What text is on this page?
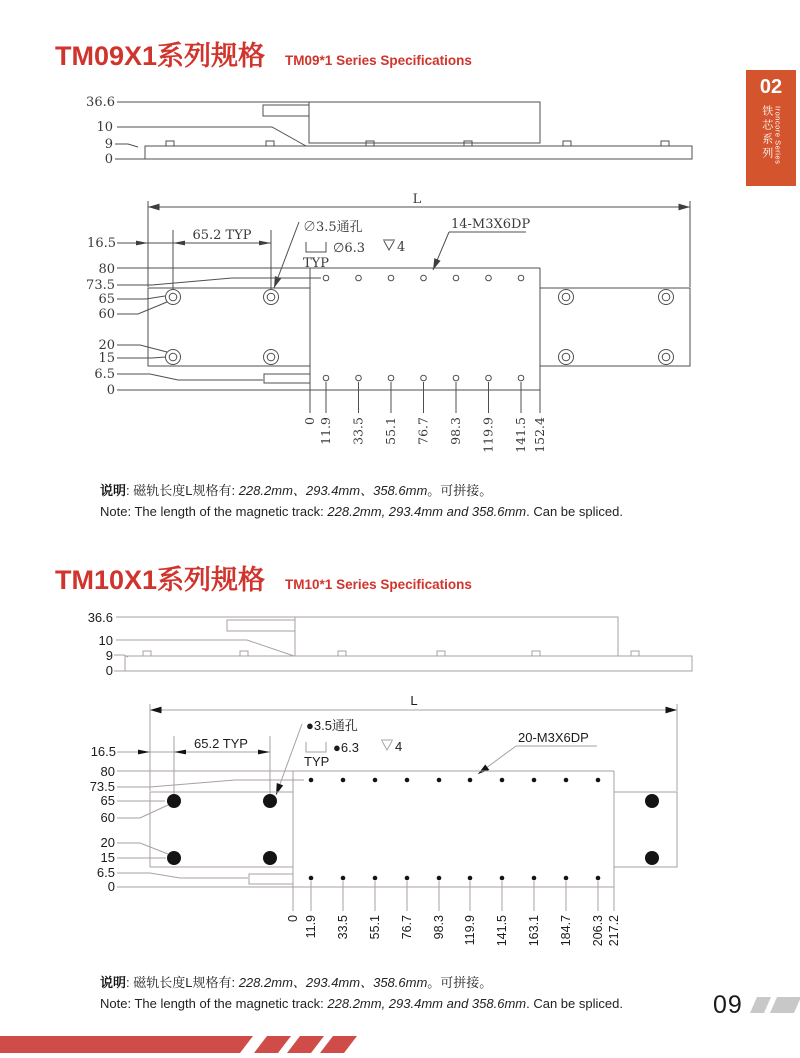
TM09X1系列规格 TM09*1 Series Specifications
02
铁芯系列 Ironcore Series
36.6
10
9
0
L
16.5
65.2 TYP
∅3.5通孔
∅6.3 4
TYP
14-M3X6DP
80
73.5
65
60
20
15
6.5
0
0 11.9 33.5 55.1 76.7 98.3 119.9 141.5 152.4
说明: 磁轨长度L规格有: 228.2mm、293.4mm、358.6mm。可拼接。
Note: The length of the magnetic track: 228.2mm, 293.4mm and 358.6mm. Can be spliced.
TM10X1系列规格 TM10*1 Series Specifications
36.6
10
9
0
L
16.5
65.2 TYP
●3.5通孔
●6.3	4
TYP
20-M3X6DP
80
73.5
65
60
20
15
6.5
0
0 11.9 33.5 55.1 76.7 98.3 119.9 141.5 163.1 184.7 206.3 217.2
说明: 磁轨长度L规格有: 228.2mm、293.4mm、358.6mm。可拼接。
Note: The length of the magnetic track: 228.2mm, 293.4mm and 358.6mm. Can be spliced.	09
